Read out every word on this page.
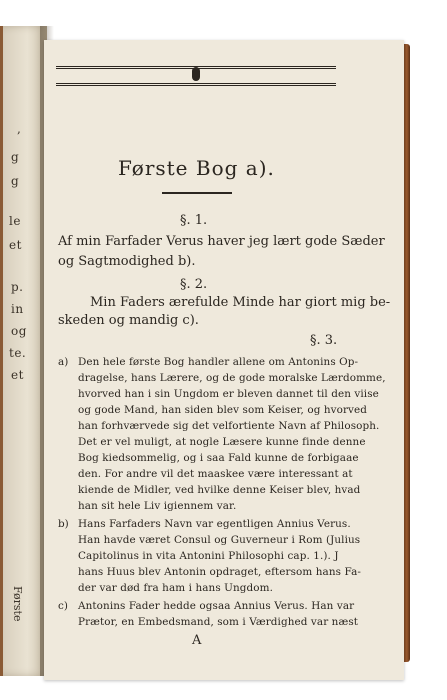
,
g
g
le
et
p.
in
og
te.
et
Første
Første Bog a).
§. 1.
Af min Farfader Verus haver jeg lært gode Sæder
og Sagtmodighed b).
§. 2.
Min Faders ærefulde Minde har giort mig be-
skeden og mandig c).
§. 3.
a) Den hele første Bog handler allene om Antonins Op-
dragelse, hans Lærere, og de gode moralske Lærdomme,
hvorved han i sin Ungdom er bleven dannet til den viise
og gode Mand, han siden blev som Keiser, og hvorved
han forhværvede sig det velfortiente Navn af Philosoph.
Det er vel muligt, at nogle Læsere kunne finde denne
Bog kiedsommelig, og i saa Fald kunne de forbigaae
den. For andre vil det maaskee være interessant at
kiende de Midler, ved hvilke denne Keiser blev, hvad
han sit hele Liv igiennem var.
b) Hans Farfaders Navn var egentligen Annius Verus.
Han havde været Consul og Guverneur i Rom (Julius
Capitolinus in vita Antonini Philosophi cap. 1.). J
hans Huus blev Antonin opdraget, eftersom hans Fa-
der var død fra ham i hans Ungdom.
c) Antonins Fader hedde ogsaa Annius Verus. Han var
Prætor, en Embedsmand, som i Værdighed var næst
A
